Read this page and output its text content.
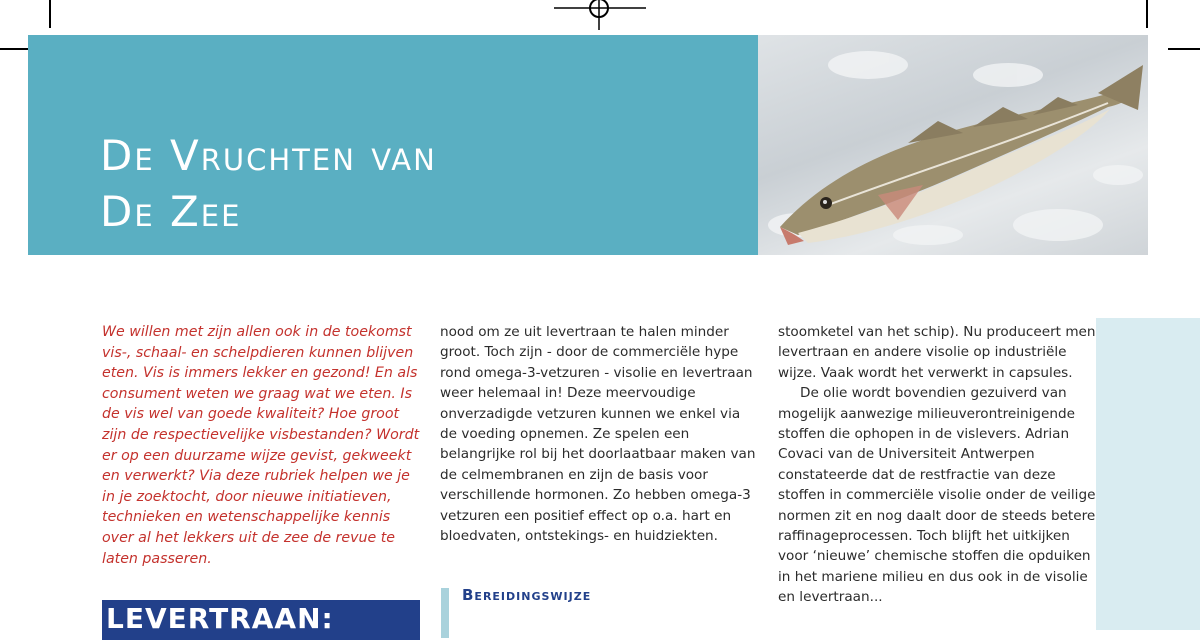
De Vruchten van
De Zee

We willen met zijn allen ook in de toekomst vis-, schaal- en schelpdieren kunnen blijven eten. Vis is immers lekker en gezond! En als consument weten we graag wat we eten. Is de vis wel van goede kwaliteit? Hoe groot zijn de respectievelijke visbestanden? Wordt er op een duurzame wijze gevist, gekweekt en verwerkt? Via deze rubriek helpen we je in je zoektocht, door nieuwe initiatieven, technieken en wetenschappelijke kennis over al het lekkers uit de zee de revue te laten passeren.

LEVERTRAAN:

nood om ze uit levertraan te halen minder groot. Toch zijn - door de commerciële hype rond omega-3-vetzuren - visolie en levertraan weer helemaal in! Deze meervoudige onverzadigde vetzuren kunnen we enkel via de voeding opnemen. Ze spelen een belangrijke rol bij het doorlaatbaar maken van de celmembranen en zijn de basis voor verschillende hormonen. Zo hebben omega-3 vetzuren een positief effect op o.a. hart en bloedvaten, ontstekings- en huidziekten.

Bereidingswijze

stoomketel van het schip). Nu produceert men levertraan en andere visolie op industriële wijze. Vaak wordt het verwerkt in capsules.

De olie wordt bovendien gezuiverd van mogelijk aanwezige milieuverontreinigende stoffen die ophopen in de vislevers. Adrian Covaci van de Universiteit Antwerpen constateerde dat de restfractie van deze stoffen in commerciële visolie onder de veilige normen zit en nog daalt door de steeds betere raffinageprocessen. Toch blijft het uitkijken voor ‘nieuwe’ chemische stoffen die opduiken in het mariene milieu en dus ook in de visolie en levertraan...
